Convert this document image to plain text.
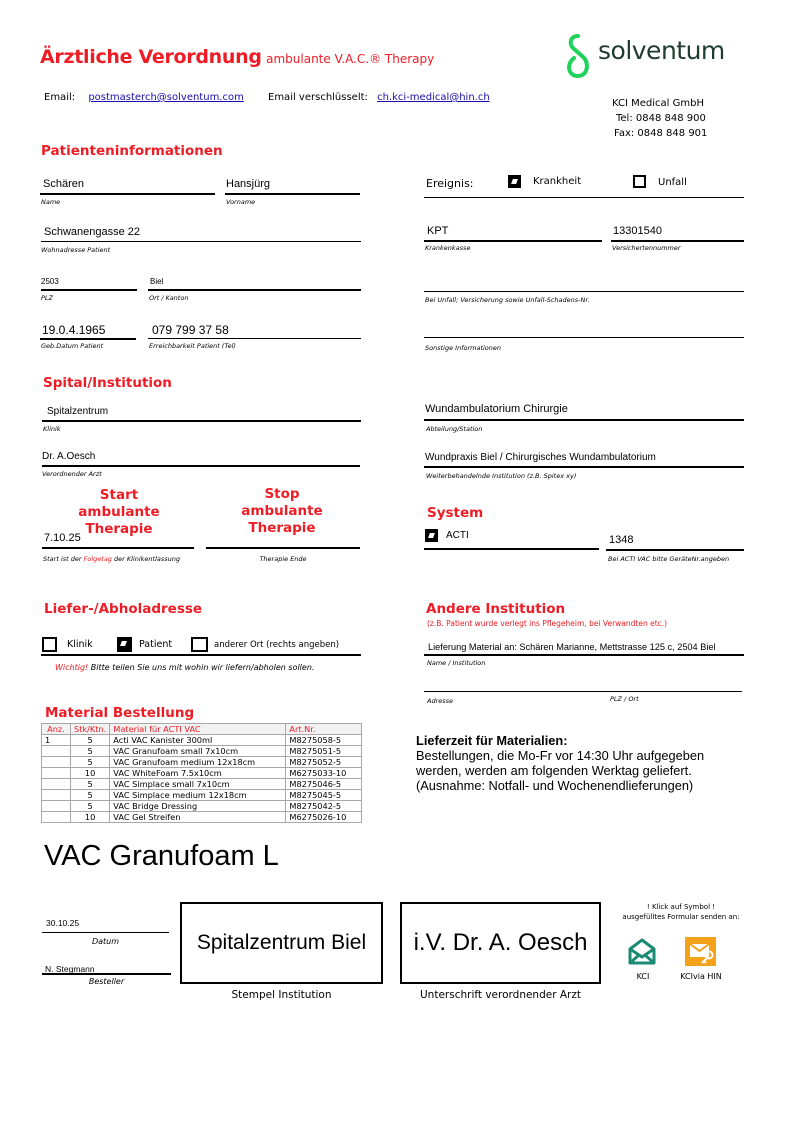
Ärztliche Verordnung ambulante V.A.C.® Therapy
Email: postmasterch@solventum.com Email verschlüsselt: ch.kci-medical@hin.ch
solventum
KCI Medical GmbH
Tel: 0848 848 900
Fax: 0848 848 901
Patienteninformationen
Schären
Name
Hansjürg
Vorname
Schwanengasse 22
Wohnadresse Patient
2503
PLZ
Biel
Ort / Kanton
19.0.4.1965
Geb.Datum Patient
079 799 37 58
Erreichbarkeit Patient (Tel)
Ereignis:	Krankheit	Unfall
KPT
Krankenkasse
13301540
Versichertennummer
Bei Unfall; Versicherung sowie Unfall-Schadens-Nr.
Sonstige Informationen
Spital/Institution
Spitalzentrum
Klinik
Dr. A.Oesch
Verordnender Arzt
Wundambulatorium Chirurgie
Abteilung/Station
Wundpraxis Biel / Chirurgisches Wundambulatorium
Weiterbehandelnde Institution (z.B. Spitex xy)
Start
ambulante Therapie
Stop
ambulante Therapie
7.10.25
Start ist der Folgetag der Klinikentlassung	Therapie Ende
System
ACTI	1348
Bei ACTI VAC bitte GeräteNr.angeben
Liefer-/Abholadresse
Klinik	Patient	anderer Ort (rechts angeben)
Wichtig! Bitte teilen Sie uns mit wohin wir liefern/abholen sollen.
Andere Institution
(z.B. Patient wurde verlegt ins Pflegeheim, bei Verwandten etc.)
Lieferung Material an: Schären Marianne, Mettstrasse 125 c, 2504 Biel
Name / Institution
Adresse	PLZ / Ort
Material Bestellung
Anz.	Stk/Ktn.	Material für ACTI VAC	Art.Nr.
1	5	Acti VAC Kanister 300ml	M8275058-5
	5	VAC Granufoam small 7x10cm	M8275051-5
	5	VAC Granufoam medium 12x18cm	M8275052-5
	10	VAC WhiteFoam 7.5x10cm	M6275033-10
	5	VAC Simplace small 7x10cm	M8275046-5
	5	VAC Simplace medium 12x18cm	M8275045-5
	5	VAC Bridge Dressing	M8275042-5
	10	VAC Gel Streifen	M6275026-10
VAC Granufoam L
Lieferzeit für Materialien:
Bestellungen, die Mo-Fr vor 14:30 Uhr aufgegeben
werden, werden am folgenden Werktag geliefert.
(Ausnahme: Notfall- und Wochenendlieferungen)
30.10.25
Datum
N. Stegmann
Besteller
Spitalzentrum Biel
Stempel Institution
i.V. Dr. A. Oesch
Unterschrift verordnender Arzt
! Klick auf Symbol !
ausgefülltes Formular senden an:
KCI	KCIvia HIN
